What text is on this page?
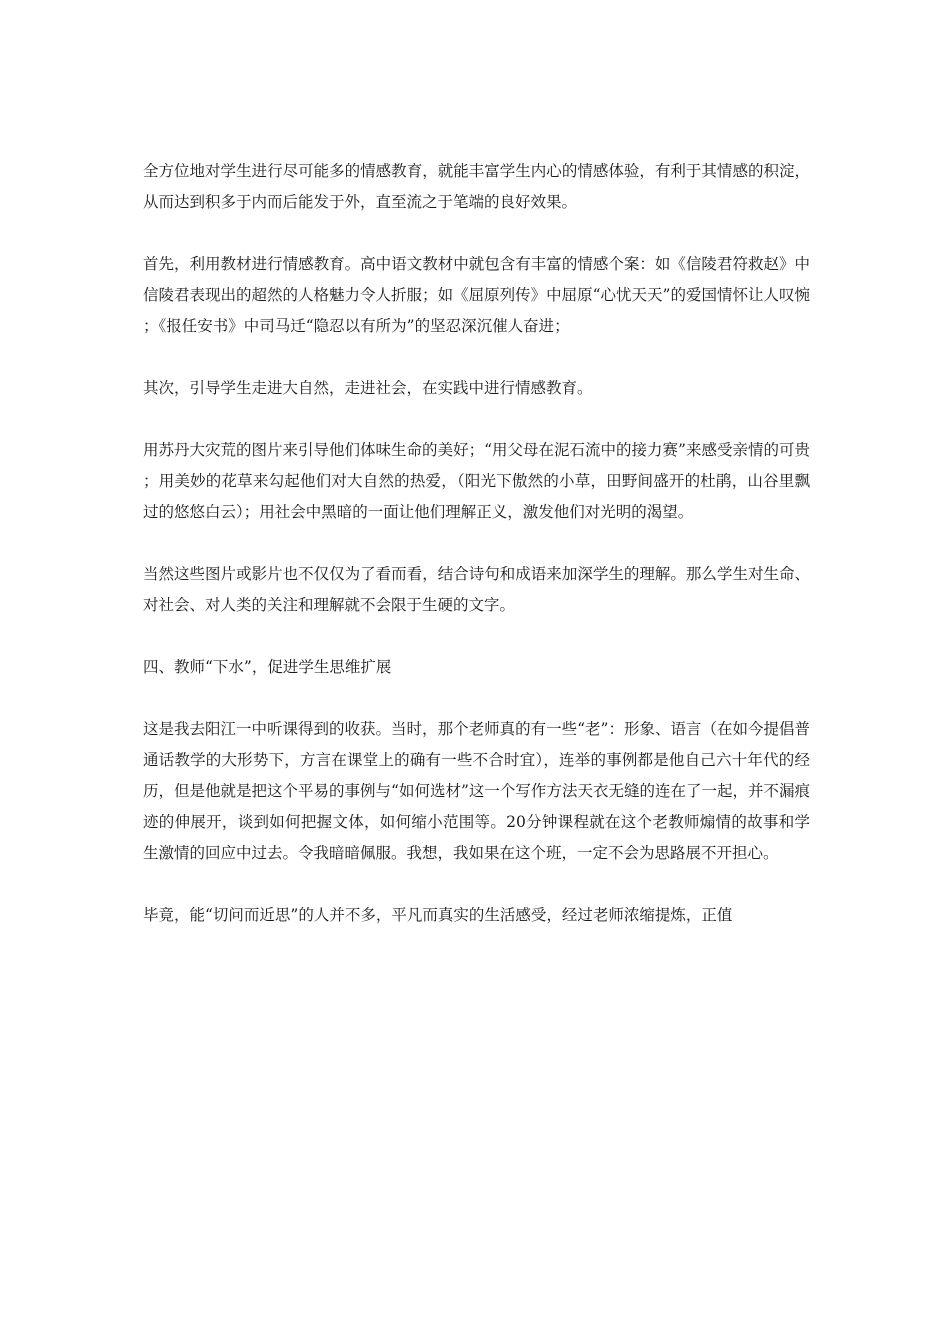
全方位地对学生进行尽可能多的情感教育，就能丰富学生内心的情感体验，有利于其情感的积淀，从而达到积多于内而后能发于外，直至流之于笔端的良好效果。

首先，利用教材进行情感教育。高中语文教材中就包含有丰富的情感个案：如《信陵君符救赵》中信陵君表现出的超然的人格魅力令人折服；如《屈原列传》中屈原“心忧天天”的爱国情怀让人叹惋；《报任安书》中司马迁“隐忍以有所为”的坚忍深沉催人奋进；

其次，引导学生走进大自然，走进社会，在实践中进行情感教育。

用苏丹大灾荒的图片来引导他们体味生命的美好；“用父母在泥石流中的接力赛”来感受亲情的可贵；用美妙的花草来勾起他们对大自然的热爱，（阳光下傲然的小草，田野间盛开的杜鹃，山谷里飘过的悠悠白云）；用社会中黑暗的一面让他们理解正义，激发他们对光明的渴望。

当然这些图片或影片也不仅仅为了看而看，结合诗句和成语来加深学生的理解。那么学生对生命、对社会、对人类的关注和理解就不会限于生硬的文字。

四、教师“下水”，促进学生思维扩展

这是我去阳江一中听课得到的收获。当时，那个老师真的有一些“老”：形象、语言（在如今提倡普通话教学的大形势下，方言在课堂上的确有一些不合时宜），连举的事例都是他自己六十年代的经历，但是他就是把这个平易的事例与“如何选材”这一个写作方法天衣无缝的连在了一起，并不漏痕迹的伸展开，谈到如何把握文体，如何缩小范围等。20分钟课程就在这个老教师煽情的故事和学生激情的回应中过去。令我暗暗佩服。我想，我如果在这个班，一定不会为思路展不开担心。

毕竟，能“切问而近思”的人并不多，平凡而真实的生活感受，经过老师浓缩提炼，正值
